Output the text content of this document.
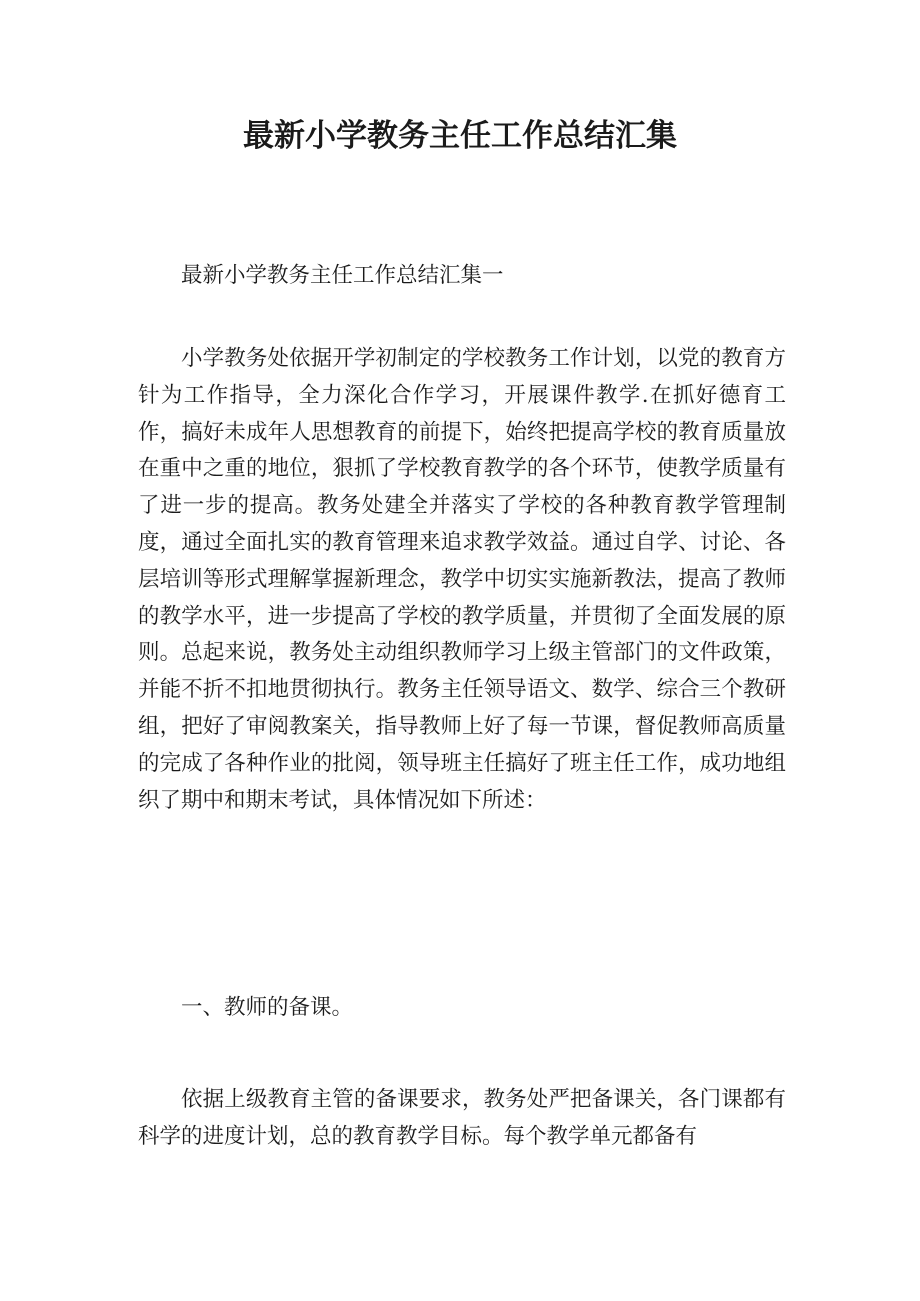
最新小学教务主任工作总结汇集

最新小学教务主任工作总结汇集一

小学教务处依据开学初制定的学校教务工作计划，以党的教育方针为工作指导，全力深化合作学习，开展课件教学.在抓好德育工作，搞好未成年人思想教育的前提下，始终把提高学校的教育质量放在重中之重的地位，狠抓了学校教育教学的各个环节，使教学质量有了进一步的提高。教务处建全并落实了学校的各种教育教学管理制度，通过全面扎实的教育管理来追求教学效益。通过自学、讨论、各层培训等形式理解掌握新理念，教学中切实实施新教法，提高了教师的教学水平，进一步提高了学校的教学质量，并贯彻了全面发展的原则。总起来说，教务处主动组织教师学习上级主管部门的文件政策，并能不折不扣地贯彻执行。教务主任领导语文、数学、综合三个教研组，把好了审阅教案关，指导教师上好了每一节课，督促教师高质量的完成了各种作业的批阅，领导班主任搞好了班主任工作，成功地组织了期中和期末考试，具体情况如下所述：

一、教师的备课。

依据上级教育主管的备课要求，教务处严把备课关，各门课都有科学的进度计划，总的教育教学目标。每个教学单元都备有
